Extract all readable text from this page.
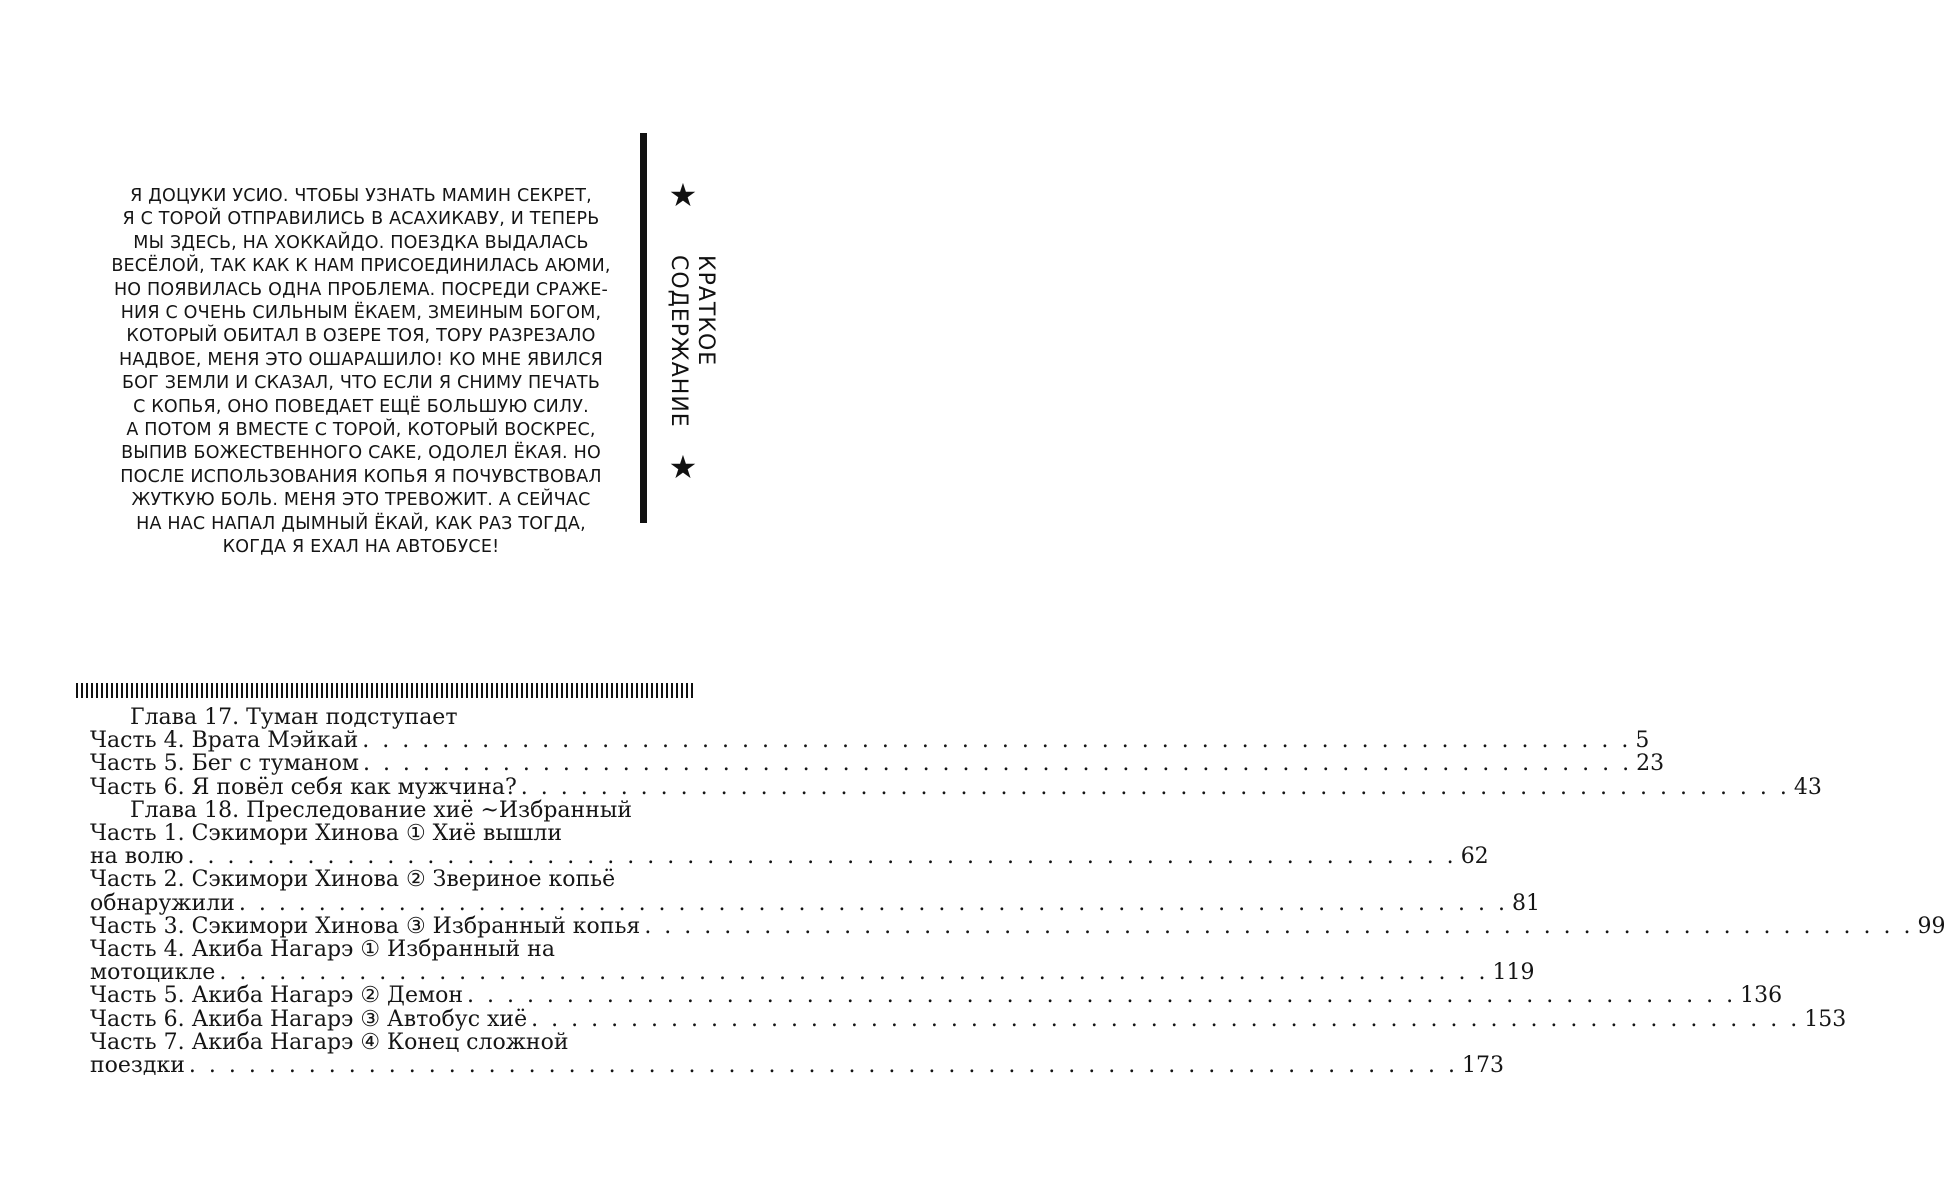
Я ДОЦУКИ УСИО. ЧТОБЫ УЗНАТЬ МАМИН СЕКРЕТ,
Я С ТОРОЙ ОТПРАВИЛИСЬ В АСАХИКАВУ, И ТЕПЕРЬ
МЫ ЗДЕСЬ, НА ХОККАЙДО. ПОЕЗДКА ВЫДАЛАСЬ
ВЕСЁЛОЙ, ТАК КАК К НАМ ПРИСОЕДИНИЛАСЬ АЮМИ,
НО ПОЯВИЛАСЬ ОДНА ПРОБЛЕМА. ПОСРЕДИ СРАЖЕ-
НИЯ С ОЧЕНЬ СИЛЬНЫМ ЁКАЕМ, ЗМЕИНЫМ БОГОМ,
КОТОРЫЙ ОБИТАЛ В ОЗЕРЕ ТОЯ, ТОРУ РАЗРЕЗАЛО
НАДВОЕ, МЕНЯ ЭТО ОШАРАШИЛО! КО МНЕ ЯВИЛСЯ
БОГ ЗЕМЛИ И СКАЗАЛ, ЧТО ЕСЛИ Я СНИМУ ПЕЧАТЬ
С КОПЬЯ, ОНО ПОВЕДАЕТ ЕЩЁ БОЛЬШУЮ СИЛУ.
А ПОТОМ Я ВМЕСТЕ С ТОРОЙ, КОТОРЫЙ ВОСКРЕС,
ВЫПИВ БОЖЕСТВЕННОГО САКЕ, ОДОЛЕЛ ЁКАЯ. НО
ПОСЛЕ ИСПОЛЬЗОВАНИЯ КОПЬЯ Я ПОЧУВСТВОВАЛ
ЖУТКУЮ БОЛЬ. МЕНЯ ЭТО ТРЕВОЖИТ. А СЕЙЧАС
НА НАС НАПАЛ ДЫМНЫЙ ЁКАЙ, КАК РАЗ ТОГДА,
КОГДА Я ЕХАЛ НА АВТОБУСЕ!
★
КРАТКОЕ
СОДЕРЖАНИЕ
★
Глава 17. Туман подступает
Часть 4. Врата Мэйкай . . .	5
Часть 5. Бег с туманом . . .	23
Часть 6. Я повёл себя как мужчина? . . .	43
Глава 18. Преследование хиё ~Избранный
Часть 1. Сэкимори Хинова ① Хиё вышли
на волю . . .	62
Часть 2. Сэкимори Хинова ② Звериное копьё
обнаружили . . .	81
Часть 3. Сэкимори Хинова ③ Избранный копья . . .	99
Часть 4. Акиба Нагарэ ① Избранный на
мотоцикле . . .	119
Часть 5. Акиба Нагарэ ② Демон . . .	136
Часть 6. Акиба Нагарэ ③ Автобус хиё . . .	153
Часть 7. Акиба Нагарэ ④ Конец сложной
поездки . . .	173
